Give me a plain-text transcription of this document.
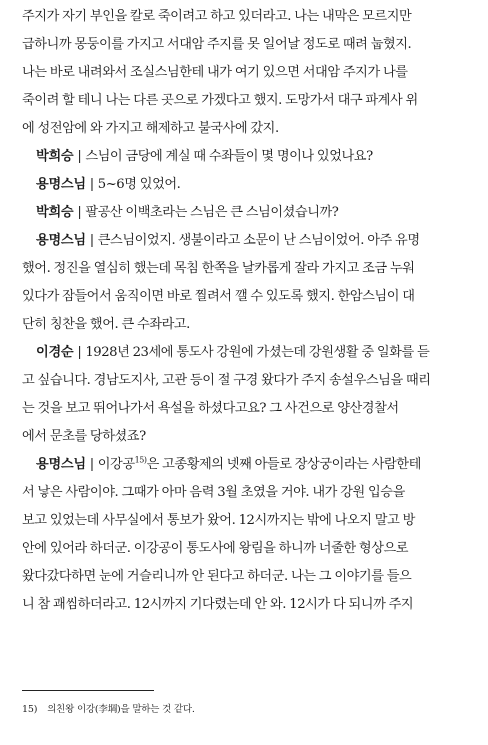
주지가 자기 부인을 칼로 죽이려고 하고 있더라고. 나는 내막은 모르지만
급하니까 몽둥이를 가지고 서대암 주지를 못 일어날 정도로 때려 눕혔지.
나는 바로 내려와서 조실스님한테 내가 여기 있으면 서대암 주지가 나를
죽이려 할 테니 나는 다른 곳으로 가겠다고 했지. 도망가서 대구 파계사 위
에 성전암에 와 가지고 해제하고 불국사에 갔지.
박희승 | 스님이 금당에 계실 때 수좌들이 몇 명이나 있었나요?
용명스님 | 5~6명 있었어.
박희승 | 팔공산 이백초라는 스님은 큰 스님이셨습니까?
용명스님 | 큰스님이었지. 생불이라고 소문이 난 스님이었어. 아주 유명
했어. 정진을 열심히 했는데 목침 한쪽을 날카롭게 잘라 가지고 조금 누워
있다가 잠들어서 움직이면 바로 찔려서 깰 수 있도록 했지. 한암스님이 대
단히 칭찬을 했어. 큰 수좌라고.
이경순 | 1928년 23세에 통도사 강원에 가셨는데 강원생활 중 일화를 듣
고 싶습니다. 경남도지사, 고관 등이 절 구경 왔다가 주지 송설우스님을 때리
는 것을 보고 뛰어나가서 욕설을 하셨다고요? 그 사건으로 양산경찰서
에서 문초를 당하셨죠?
용명스님 | 이강공$^{15)}$은 고종황제의 넷째 아들로 장상궁이라는 사람한테
서 낳은 사람이야. 그때가 아마 음력 3월 초였을 거야. 내가 강원 입승을
보고 있었는데 사무실에서 통보가 왔어. 12시까지는 밖에 나오지 말고 방
안에 있어라 하더군. 이강공이 통도사에 왕림을 하니까 너줄한 형상으로
왔다갔다하면 눈에 거슬리니까 안 된다고 하더군. 나는 그 이야기를 들으
니 참 괘씸하더라고. 12시까지 기다렸는데 안 와. 12시가 다 되니까 주지
15) 의친왕 이강(李堈)을 말하는 것 같다.
